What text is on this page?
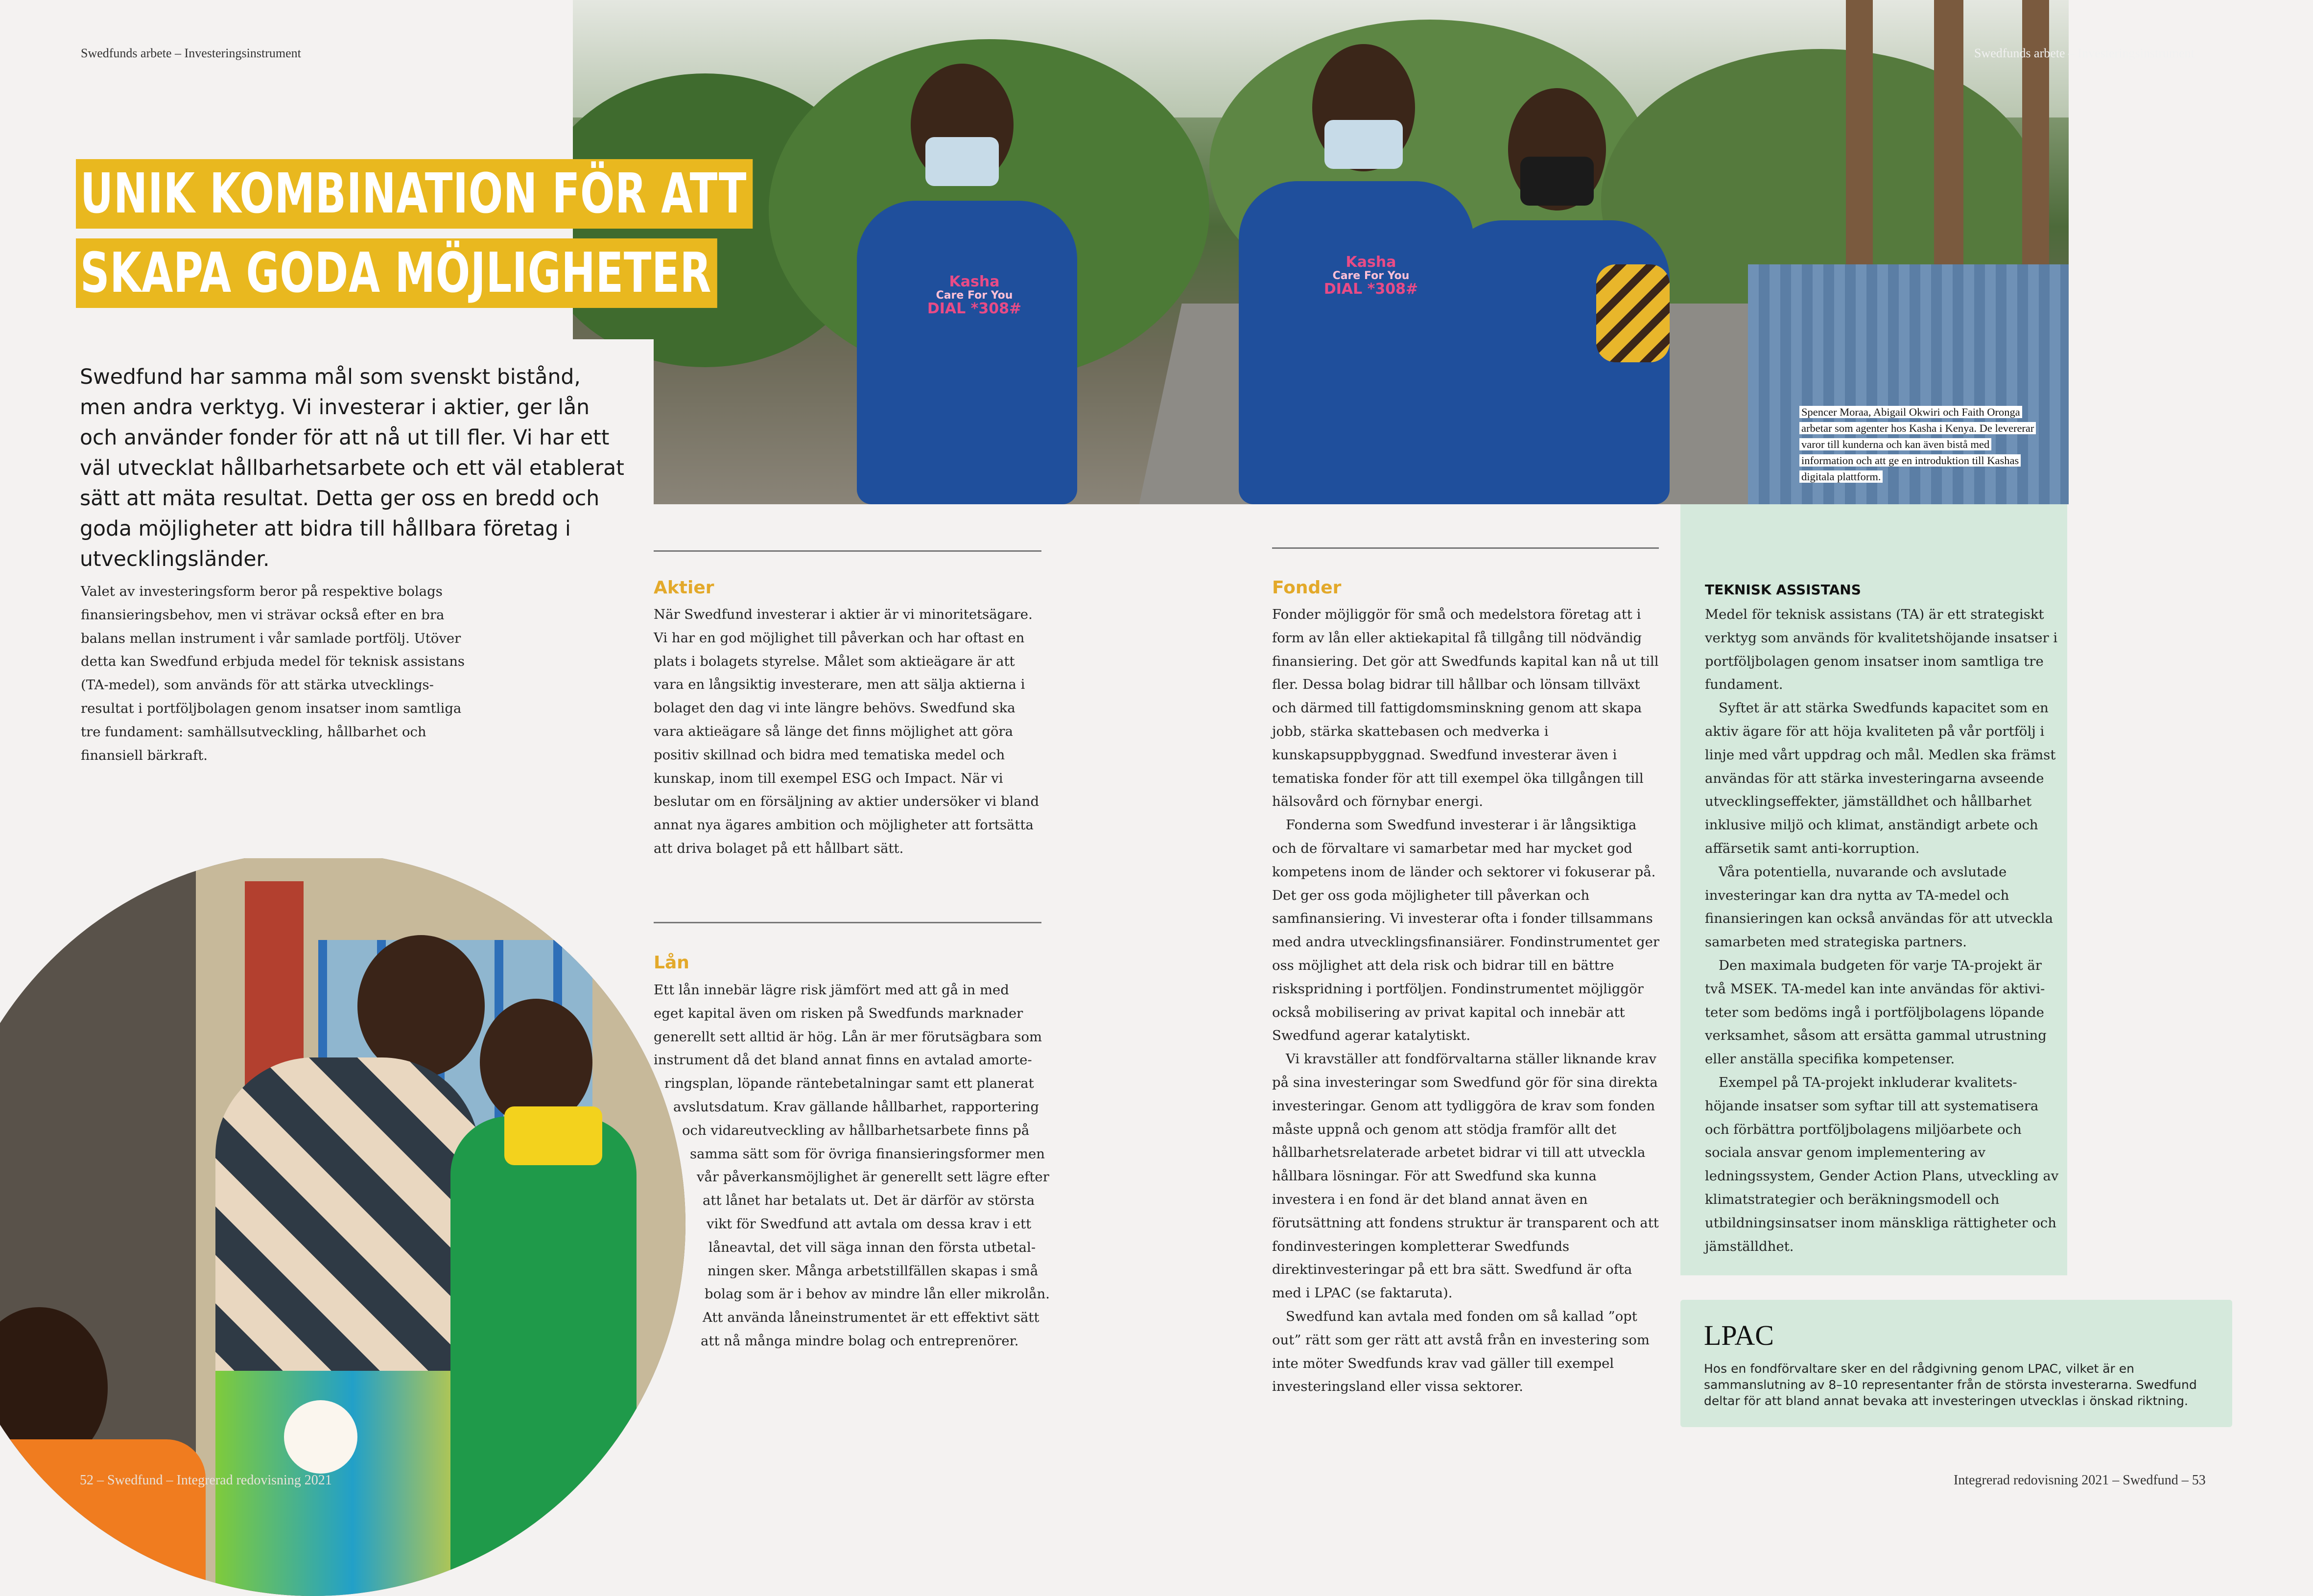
Kasha
Care For You
DIAL *308#
Kasha
Care For You
DIAL *308#
Spencer Moraa, Abigail Okwiri och Faith Oronga arbetar som agenter hos Kasha i Kenya. De levererar varor till kunderna och kan även bistå med information och att ge en introduktion till Kashas digitala plattform.
Swedfunds arbete – Investeringsinstrument	Swedfunds arbete – Investeringsinstrument
UNIK KOMBINATION FÖR ATT
SKAPA GODA MÖJLIGHETER
Swedfund har samma mål som svenskt bistånd, men andra verktyg. Vi investerar i aktier, ger lån och använder fonder för att nå ut till fler. Vi har ett väl utvecklat hållbarhetsarbete och ett väl etablerat sätt att mäta resultat. Detta ger oss en bredd och goda möjligheter att bidra till hållbara företag i utvecklingsländer.

Valet av investeringsform beror på respektive bolags finansieringsbehov, men vi strävar också efter en bra balans mellan instrument i vår samlade portfölj. Utöver detta kan Swedfund erbjuda medel för teknisk assistans (TA-medel), som används för att stärka utvecklingsresultat i portföljbolagen genom insatser inom samtliga tre fundament: samhällsutveckling, hållbarhet och finansiell bärkraft.

Aktier

När Swedfund investerar i aktier är vi minoritetsägare. Vi har en god möjlighet till påverkan och har oftast en plats i bolagets styrelse. Målet som aktieägare är att vara en långsiktig investerare, men att sälja aktierna i bolaget den dag vi inte längre behövs. Swedfund ska vara aktieägare så länge det finns möjlighet att göra positiv skillnad och bidra med tematiska medel och kunskap, inom till exempel ESG och Impact. När vi beslutar om en försäljning av aktier undersöker vi bland annat nya ägares ambition och möjligheter att fortsätta att driva bolaget på ett hållbart sätt.

Lån
Ett lån innebär lägre risk jämfört med att gå in med
eget kapital även om risken på Swedfunds marknader
generellt sett alltid är hög. Lån är mer förutsägbara som
instrument då det bland annat finns en avtalad amorte-
ringsplan, löpande räntebetalningar samt ett planerat
avslutsdatum. Krav gällande hållbarhet, rapportering
och vidareutveckling av hållbarhetsarbete finns på
samma sätt som för övriga finansieringsformer men
vår påverkansmöjlighet är generellt sett lägre efter
att lånet har betalats ut. Det är därför av största
vikt för Swedfund att avtala om dessa krav i ett
låneavtal, det vill säga innan den första utbetal-
ningen sker. Många arbetstillfällen skapas i små
bolag som är i behov av mindre lån eller mikrolån.
Att använda låneinstrumentet är ett effektivt sätt
att nå många mindre bolag och entreprenörer.
Fonder

Fonder möjliggör för små och medelstora företag att i form av lån eller aktiekapital få tillgång till nödvändig finansiering. Det gör att Swedfunds kapital kan nå ut till fler. Dessa bolag bidrar till hållbar och lönsam tillväxt och därmed till fattigdomsminskning genom att skapa jobb, stärka skattebasen och medverka i kunskapsuppbyggnad. Swedfund investerar även i tematiska fonder för att till exempel öka tillgången till hälsovård och förnybar energi.

Fonderna som Swedfund investerar i är långsiktiga och de förvaltare vi samarbetar med har mycket god kompetens inom de länder och sektorer vi fokuserar på. Det ger oss goda möjligheter till påverkan och samfinansiering. Vi investerar ofta i fonder tillsammans med andra utvecklingsfinansiärer. Fondinstrumentet ger oss möjlighet att dela risk och bidrar till en bättre riskspridning i portföljen. Fondinstrumentet möjliggör också mobilisering av privat kapital och innebär att Swedfund agerar katalytiskt.

Vi kravställer att fondförvaltarna ställer liknande krav på sina investeringar som Swedfund gör för sina direkta investeringar. Genom att tydliggöra de krav som fonden måste uppnå och genom att stödja framför allt det hållbarhetsrelaterade arbetet bidrar vi till att utveckla hållbara lösningar. För att Swedfund ska kunna investera i en fond är det bland annat även en förutsättning att fondens struktur är transparent och att fondinvesteringen kompletterar Swedfunds direktinvesteringar på ett bra sätt. Swedfund är ofta med i LPAC (se faktaruta).

Swedfund kan avtala med fonden om så kallad ”opt out” rätt som ger rätt att avstå från en investering som inte möter Swedfunds krav vad gäller till exempel investeringsland eller vissa sektorer.

TEKNISK ASSISTANS

Medel för teknisk assistans (TA) är ett strategiskt verktyg som används för kvalitetshöjande insatser i portföljbolagen genom insatser inom samtliga tre fundament.

Syftet är att stärka Swedfunds kapacitet som en aktiv ägare för att höja kvaliteten på vår portfölj i linje med vårt uppdrag och mål. Medlen ska främst användas för att stärka investeringarna avseende utvecklingseffekter, jämställdhet och hållbarhet inklusive miljö och klimat, anständigt arbete och affärsetik samt anti-korruption.

Våra potentiella, nuvarande och avslutade investeringar kan dra nytta av TA-medel och finansieringen kan också användas för att utveckla samarbeten med strategiska partners.

Den maximala budgeten för varje TA-projekt är två MSEK. TA-medel kan inte användas för aktiviteter som bedöms ingå i portföljbolagens löpande verksamhet, såsom att ersätta gammal utrustning eller anställa specifika kompetenser.

Exempel på TA-projekt inkluderar kvalitetshöjande insatser som syftar till att systematisera och förbättra portföljbolagens miljöarbete och sociala ansvar genom implementering av ledningssystem, Gender Action Plans, utveckling av klimatstrategier och beräkningsmodell och utbildningsinsatser inom mänskliga rättigheter och jämställdhet.

LPAC
Hos en fondförvaltare sker en del rådgivning genom LPAC, vilket är en sammanslutning av 8–10 representanter från de största investerarna. Swedfund deltar för att bland annat bevaka att investeringen utvecklas i önskad riktning.
52 – Swedfund – Integrerad redovisning 2021	Integrerad redovisning 2021 – Swedfund – 53
